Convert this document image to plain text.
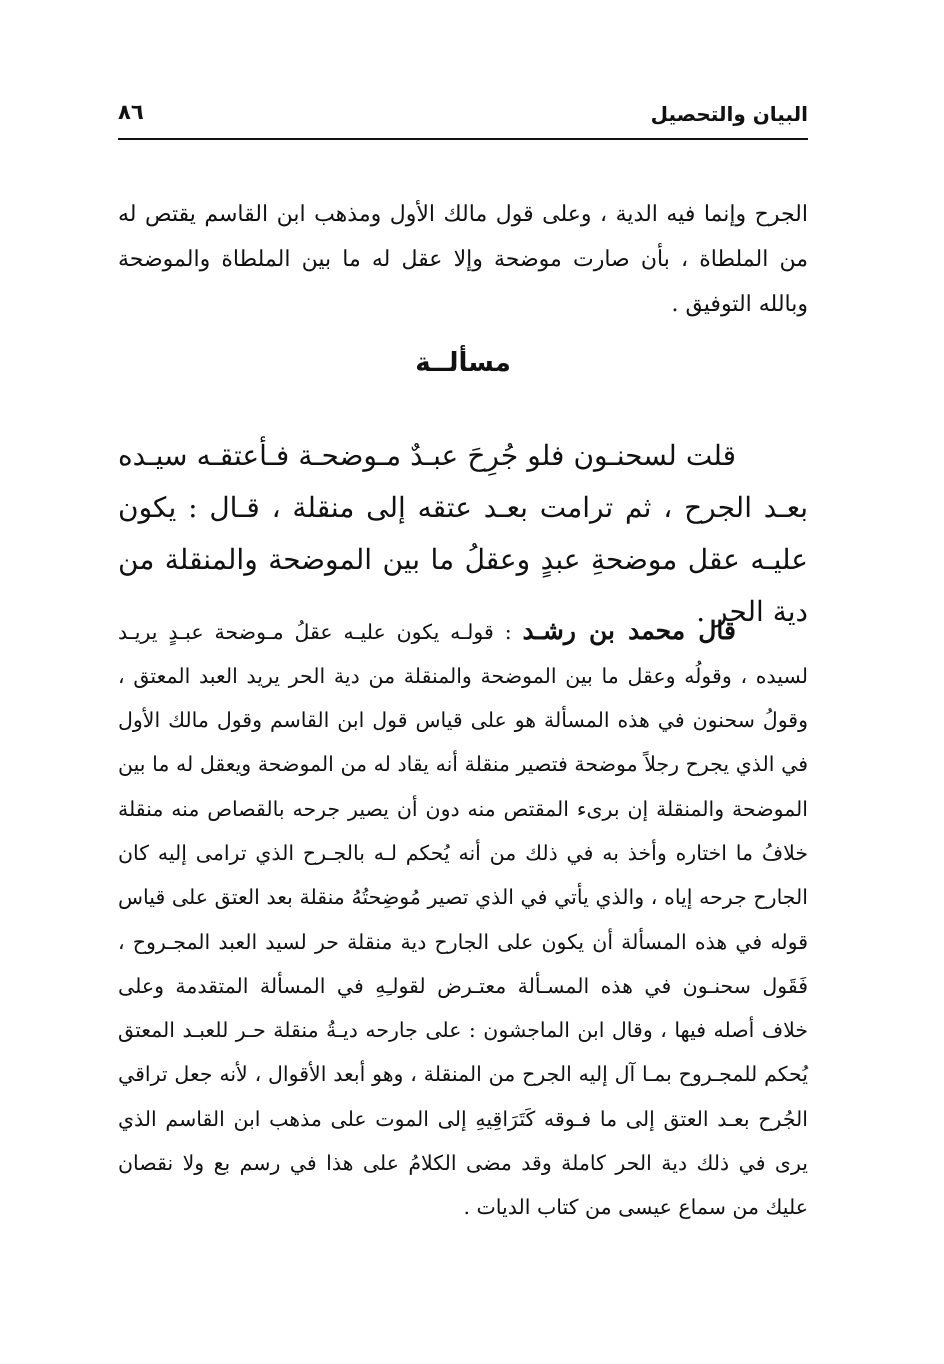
البيان والتحصيل
٨٦

الجرح وإنما فيه الدية ، وعلى قول مالك الأول ومذهب ابن القاسم يقتص له من الملطاة ، بأن صارت موضحة وإلا عقل له ما بين الملطاة والموضحة وبالله التوفيق .

مسألــة

قلت لسحنـون فلو جُرِحَ عبـدٌ مـوضحـة فـأعتقـه سيـده بعـد الجرح ، ثم ترامت بعـد عتقه إلى منقلة ، قـال : يكون عليـه عقل موضحةِ عبدٍ وعقلُ ما بين الموضحة والمنقلة من دية الحر .

قال محمد بن رشـد : قولـه يكون عليـه عقلُ مـوضحة عبـدٍ يريـد لسيده ، وقولُه وعقل ما بين الموضحة والمنقلة من دية الحر يريد العبد المعتق ، وقولُ سحنون في هذه المسألة هو على قياس قول ابن القاسم وقول مالك الأول في الذي يجرح رجلاً موضحة فتصير منقلة أنه يقاد له من الموضحة ويعقل له ما بين الموضحة والمنقلة إن برىء المقتص منه دون أن يصير جرحه بالقصاص منه منقلة خلافُ ما اختاره وأخذ به في ذلك من أنه يُحكم لـه بالجـرح الذي ترامى إليه كان الجارح جرحه إياه ، والذي يأتي في الذي تصير مُوضِحتُهُ منقلة بعد العتق على قياس قوله في هذه المسألة أن يكون على الجارح دية منقلة حر لسيد العبد المجـروح ، فَقَول سحنـون في هذه المسـألة معتـرض لقولـِهِ في المسألة المتقدمة وعلى خلاف أصله فيها ، وقال ابن الماجشون : على جارحه ديـةُ منقلة حـر للعبـد المعتق يُحكم للمجـروح بمـا آل إليه الجرح من المنقلة ، وهو أبعد الأقوال ، لأنه جعل تراقي الجُرح بعـد العتق إلى ما فـوقه كَتَرَاقِيهِ إلى الموت على مذهب ابن القاسم الذي يرى في ذلك دية الحر كاملة وقد مضى الكلامُ على هذا في رسم بع ولا نقصان عليك من سماع عيسى من كتاب الديات .
